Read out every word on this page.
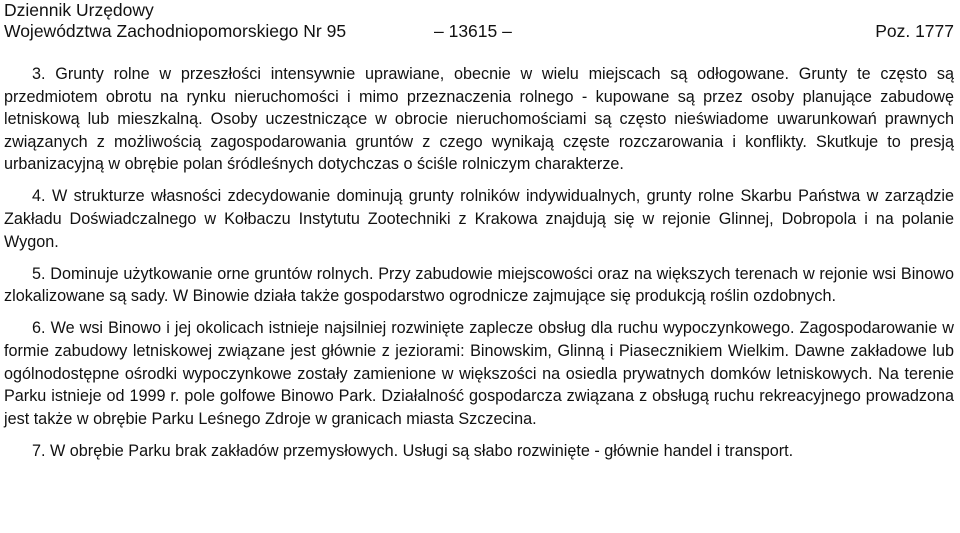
Dziennik Urzędowy
Województwa Zachodniopomorskiego Nr 95	– 13615 –	Poz. 1777

3. Grunty rolne w przeszłości intensywnie uprawiane, obecnie w wielu miejscach są odłogowane. Grunty te często są przedmiotem obrotu na rynku nieruchomości i mimo przeznaczenia rolnego - kupowane są przez osoby planujące zabudowę letniskową lub mieszkalną. Osoby uczestniczące w obrocie nieruchomościami są często nieświadome uwarunkowań prawnych związanych z możliwością zagospodarowania gruntów z czego wynikają częste rozczarowania i konflikty. Skutkuje to presją urbanizacyjną w obrębie polan śródleśnych dotychczas o ściśle rolniczym charakterze.

4. W strukturze własności zdecydowanie dominują grunty rolników indywidualnych, grunty rolne Skarbu Państwa w zarządzie Zakładu Doświadczalnego w Kołbaczu Instytutu Zootechniki z Krakowa znajdują się w rejonie Glinnej, Dobropola i na polanie Wygon.

5. Dominuje użytkowanie orne gruntów rolnych. Przy zabudowie miejscowości oraz na większych terenach w rejonie wsi Binowo zlokalizowane są sady. W Binowie działa także gospodarstwo ogrodnicze zajmujące się produkcją roślin ozdobnych.

6. We wsi Binowo i jej okolicach istnieje najsilniej rozwinięte zaplecze obsług dla ruchu wypoczynkowego. Zagospodarowanie w formie zabudowy letniskowej związane jest głównie z jeziorami: Binowskim, Glinną i Piasecznikiem Wielkim. Dawne zakładowe lub ogólnodostępne ośrodki wypoczynkowe zostały zamienione w większości na osiedla prywatnych domków letniskowych. Na terenie Parku istnieje od 1999 r. pole golfowe Binowo Park. Działalność gospodarcza związana z obsługą ruchu rekreacyjnego prowadzona jest także w obrębie Parku Leśnego Zdroje w granicach miasta Szczecina.

7. W obrębie Parku brak zakładów przemysłowych. Usługi są słabo rozwinięte - głównie handel i transport.
